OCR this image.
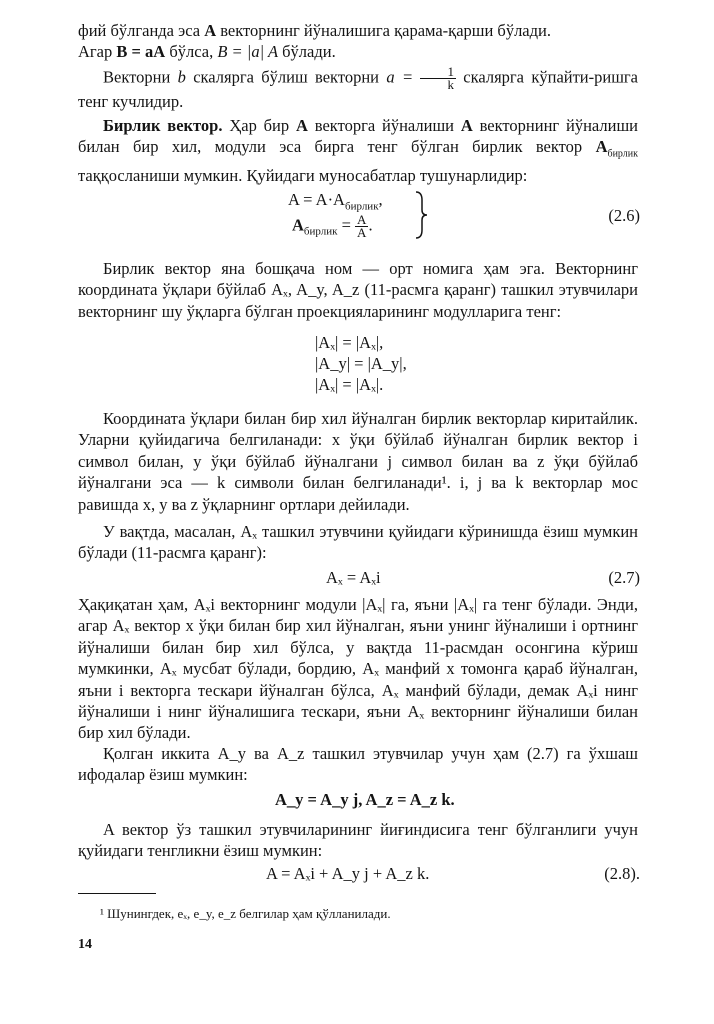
фий бўлганда эса A векторнинг йўналишига қарама-қарши бўлади.
Агар B = aA бўлса, B = |a| A бўлади.

Векторни b скалярга бўлиш векторни $a = \frac{1}{k}$ скалярга кўпайти-ришга тенг кучлидир.

Бирлик вектор. Ҳар бир A векторга йўналиши A векторнинг йўналиши билан бир хил, модули эса бирга тенг бўлган бирлик вектор $A_{бирлик}$ таққосланиши мумкин. Қуйидаги муносабатлар тушунарлидир:

$A = A\cdot A_{бирлик}$,
$A_{бирлик} = \frac{A}{A}$ .	(2.6)

Бирлик вектор яна бошқача ном — орт номига ҳам эга. Векторнинг координата ўқлари бўйлаб Aₓ, A_y, A_z (11-расмга қаранг) ташкил этувчилари векторнинг шу ўқларга бўлган проекцияларининг модулларига тенг:

|Aₓ| = |Aₓ|,
|A_y| = |A_y|,
|Aₓ| = |Aₓ|.

Координата ўқлари билан бир хил йўналган бирлик векторлар киритайлик. Уларни қуйидагича белгиланади: x ўқи бўйлаб йўналган бирлик вектор i символ билан, y ўқи бўйлаб йўналгани j символ билан ва z ўқи бўйлаб йўналгани эса — k символи билан белгиланади¹. i, j ва k векторлар мос равишда x, y ва z ўқларнинг ортлари дейилади.

У вақтда, масалан, Aₓ ташкил этувчини қуйидаги кўринишда ёзиш мумкин бўлади (11-расмга қаранг):

Aₓ = Aₓi	(2.7)

Ҳақиқатан ҳам, Aₓi векторнинг модули |Aₓ| га, яъни |Aₓ| га тенг бўлади. Энди, агар Aₓ вектор x ўқи билан бир хил йўналган, яъни унинг йўналиши i ортнинг йўналиши билан бир хил бўлса, у вақтда 11-расмдан осонгина кўриш мумкинки, Aₓ мусбат бўлади, бордию, Aₓ манфий x томонга қараб йўналган, яъни i векторга тескари йўналган бўлса, Aₓ манфий бўлади, демак Aₓi нинг йўналиши i нинг йўналишига тескари, яъни Aₓ векторнинг йўналиши билан бир хил бўлади.

Қолган иккита A_y ва A_z ташкил этувчилар учун ҳам (2.7) га ўхшаш ифодалар ёзиш мумкин:

A_y = A_y j, A_z = A_z k.

A вектор ўз ташкил этувчиларининг йиғиндисига тенг бўлганлиги учун қуйидаги тенгликни ёзиш мумкин:

A = Aₓi + A_y j + A_z k.	(2.8).
¹ Шунингдек, eₓ, e_y, e_z белгилар ҳам қўлланилади.
14
